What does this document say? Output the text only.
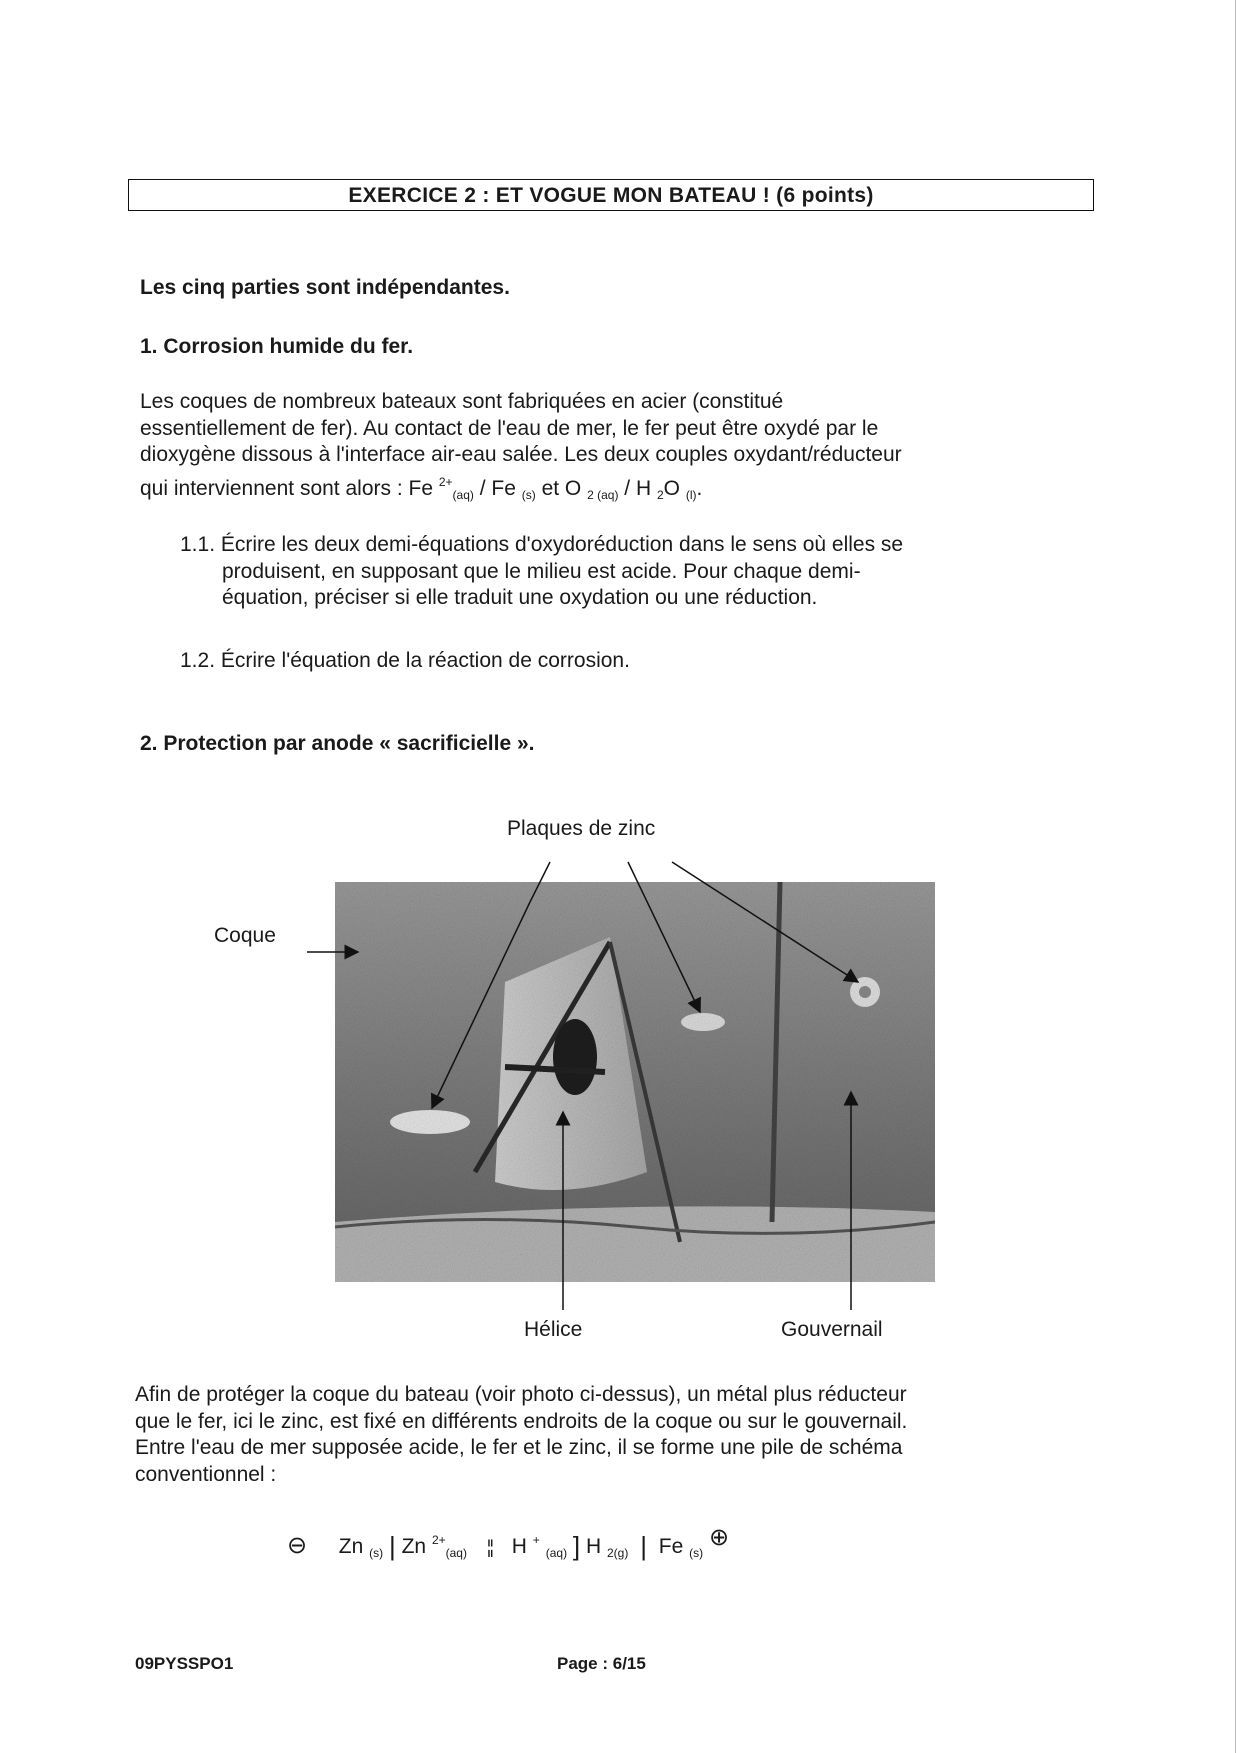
EXERCICE 2 : ET VOGUE MON BATEAU ! (6 points)
Les cinq parties sont indépendantes.
1. Corrosion humide du fer.
Les coques de nombreux bateaux sont fabriquées en acier (constitué
essentiellement de fer). Au contact de l'eau de mer, le fer peut être oxydé par le
dioxygène dissous à l'interface air-eau salée. Les deux couples oxydant/réducteur
qui interviennent sont alors : Fe $^{2+}_{(aq)}$ / Fe $_{(s)}$ et O $_{2 (aq)}$ / H $_2$O $_{(l)}$.
1.1. Écrire les deux demi-équations d'oxydoréduction dans le sens où elles se
produisent, en supposant que le milieu est acide. Pour chaque demi-
équation, préciser si elle traduit une oxydation ou une réduction.
1.2. Écrire l'équation de la réaction de corrosion.
2. Protection par anode « sacrificielle ».
Plaques de zinc
Coque
Hélice	Gouvernail
Afin de protéger la coque du bateau (voir photo ci-dessus), un métal plus réducteur
que le fer, ici le zinc, est fixé en différents endroits de la coque ou sur le gouvernail.
Entre l'eau de mer supposée acide, le fer et le zinc, il se forme une pile de schéma
conventionnel :
⊖ Zn $_{(s)}$ | Zn $^{2+}_{(aq)}$ ¦¦ H +$_{(aq)}$ ] H $_{2(g)}$ | Fe $_{(s)}$ ⊕
09PYSSPO1	Page : 6/15
